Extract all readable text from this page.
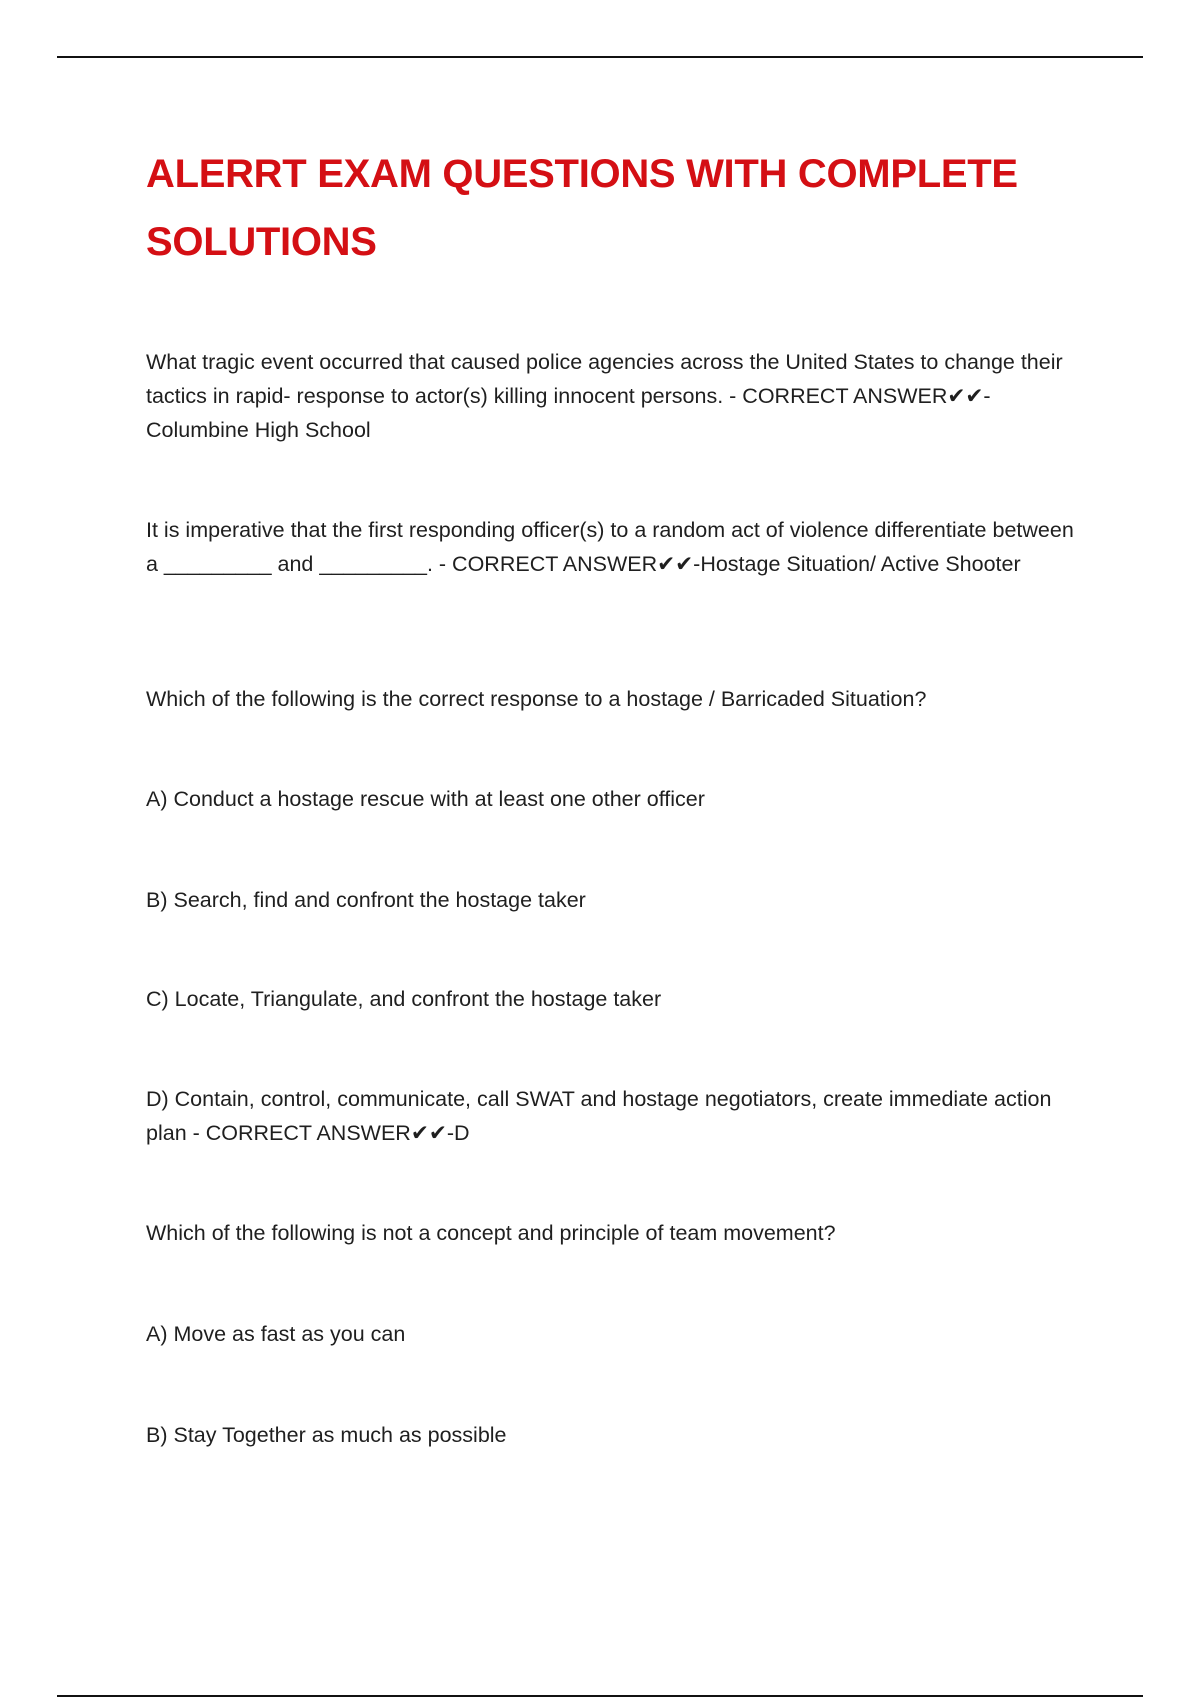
ALERRT EXAM QUESTIONS WITH COMPLETE SOLUTIONS

What tragic event occurred that caused police agencies across the United States to change their tactics in rapid- response to actor(s) killing innocent persons. - CORRECT ANSWER✔✔-Columbine High School

It is imperative that the first responding officer(s) to a random act of violence differentiate between a _________ and _________. - CORRECT ANSWER✔✔-Hostage Situation/ Active Shooter

Which of the following is the correct response to a hostage / Barricaded Situation?

A) Conduct a hostage rescue with at least one other officer

B) Search, find and confront the hostage taker

C) Locate, Triangulate, and confront the hostage taker

D) Contain, control, communicate, call SWAT and hostage negotiators, create immediate action plan - CORRECT ANSWER✔✔-D

Which of the following is not a concept and principle of team movement?

A) Move as fast as you can

B) Stay Together as much as possible
